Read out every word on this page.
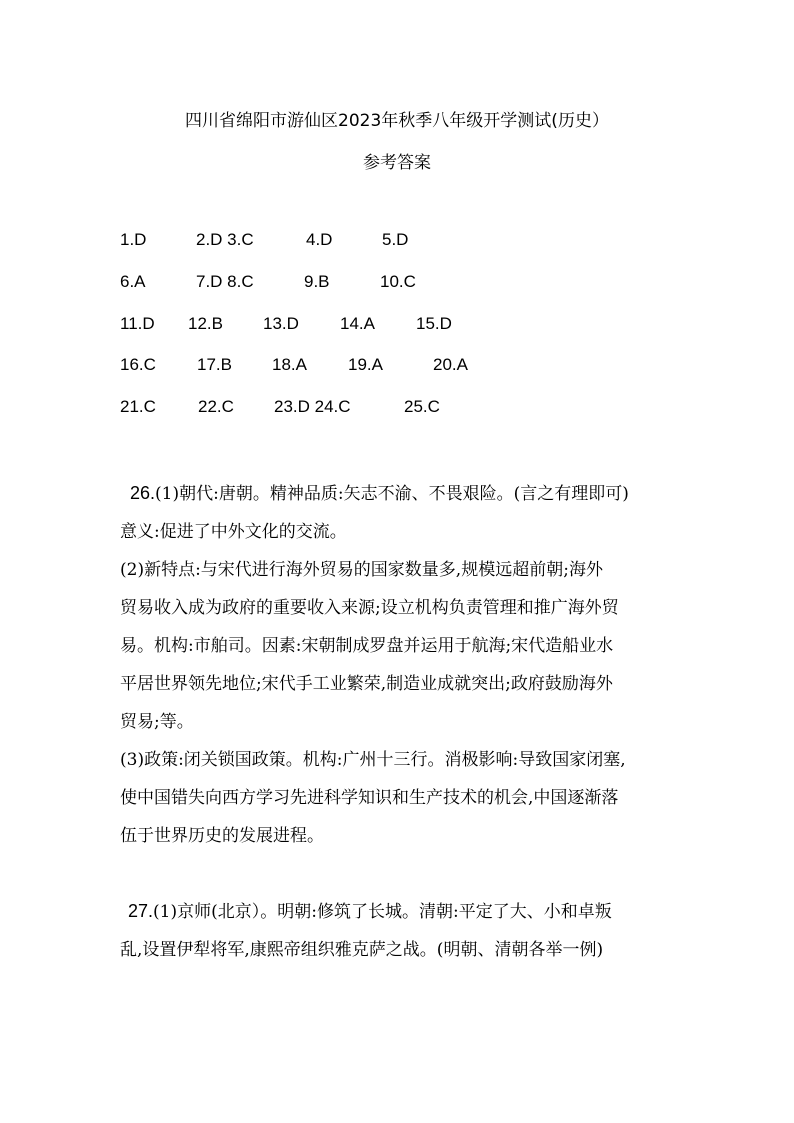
四川省绵阳市游仙区2023年秋季八年级开学测试(历史）
参考答案
1.D	2.D 3.C	4.D	5.D
6.A	7.D 8.C	9.B	10.C
11.D 12.B 13.D 14.A 15.D
16.C 17.B 18.A 19.A	20.A
21.C 22.C 23.D 24.C	25.C
26.(1)朝代:唐朝。精神品质:矢志不渝、不畏艰险。(言之有理即可)
意义:促进了中外文化的交流。
(2)新特点:与宋代进行海外贸易的国家数量多,规模远超前朝;海外
贸易收入成为政府的重要收入来源;设立机构负责管理和推广海外贸
易。机构:市舶司。因素:宋朝制成罗盘并运用于航海;宋代造船业水
平居世界领先地位;宋代手工业繁荣,制造业成就突出;政府鼓励海外
贸易;等。
(3)政策:闭关锁国政策。机构:广州十三行。消极影响:导致国家闭塞,
使中国错失向西方学习先进科学知识和生产技术的机会,中国逐渐落
伍于世界历史的发展进程。
27.(1)京师(北京）。明朝:修筑了长城。清朝:平定了大、小和卓叛
乱,设置伊犁将军,康熙帝组织雅克萨之战。(明朝、清朝各举一例)
